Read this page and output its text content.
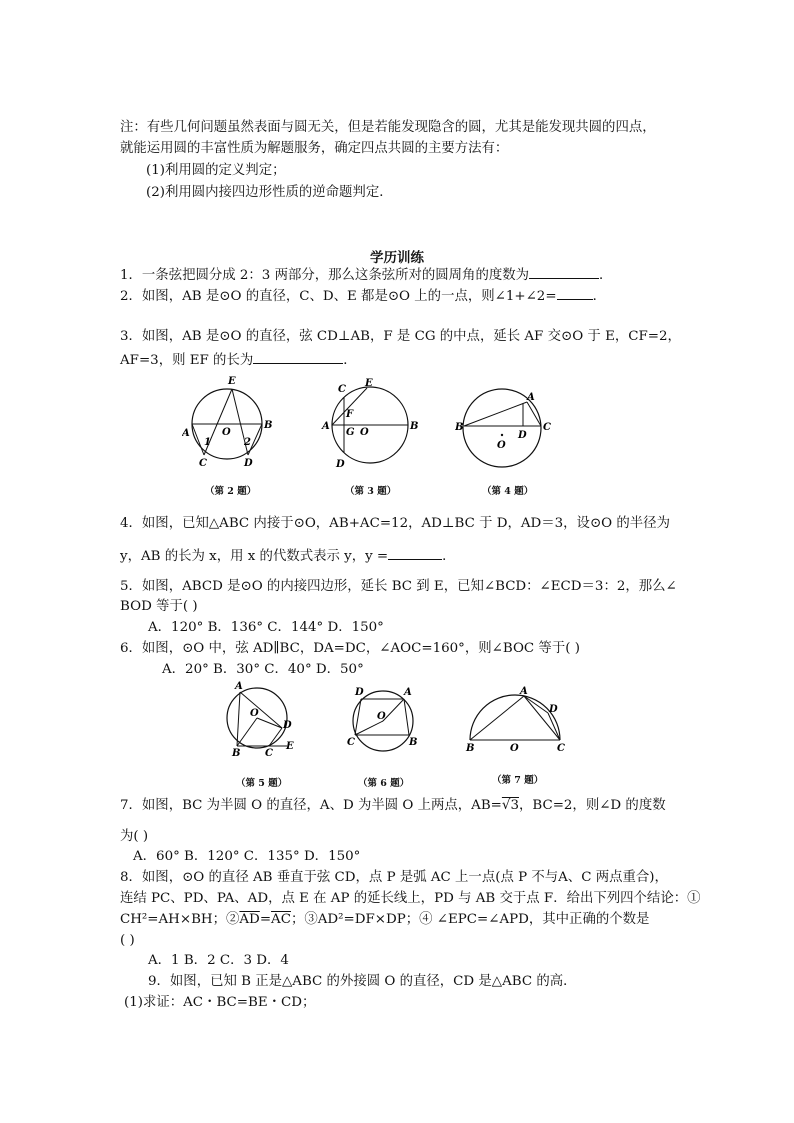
注：有些几何问题虽然表面与圆无关，但是若能发现隐含的圆，尤其是能发现共圆的四点，
就能运用圆的丰富性质为解题服务，确定四点共圆的主要方法有：
(1)利用圆的定义判定；
(2)利用圆内接四边形性质的逆命题判定．
学历训练
1．一条弦把圆分成 2：3 两部分，那么这条弦所对的圆周角的度数为	．
2．如图，AB 是⊙O 的直径，C、D、E 都是⊙O 上的一点，则∠1+∠2=	．
3．如图，AB 是⊙O 的直径，弦 CD⊥AB，F 是 CG 的中点，延长 AF 交⊙O 于 E，CF=2，
AF=3，则 EF 的长为	．
E
A
B
O
1	2
C	D
（第 2 题）
C
E
F
A
G O
B
D
（第 3 题）
A
B
D
C
O
（第 4 题）
4．如图，已知△ABC 内接于⊙O，AB+AC=12，AD⊥BC 于 D，AD＝3，设⊙O 的半径为
y，AB 的长为 x，用 x 的代数式表示 y，y =	．
5．如图，ABCD 是⊙O 的内接四边形，延长 BC 到 E，已知∠BCD：∠ECD＝3：2，那么∠
BOD 等于( )
A．120° B．136° C．144° D．150°
6．如图，⊙O 中，弦 AD∥BC，DA=DC，∠AOC=160°，则∠BOC 等于( )
A．20° B．30° C．40° D．50°
A
O
D
B C
E
（第 5 题）
D	A
O
C	B
（第 6 题）
A
D
B	O	C
（第 7 题）
7．如图，BC 为半圆 O 的直径，A、D 为半圆 O 上两点，AB=√3，BC=2，则∠D 的度数
为( )
A．60° B．120° C．135° D．150°
8．如图，⊙O 的直径 AB 垂直于弦 CD，点 P 是弧 AC 上一点(点 P 不与A、C 两点重合)，
连结 PC、PD、PA、AD，点 E 在 AP 的延长线上，PD 与 AB 交于点 F．给出下列四个结论：①
CH²=AH×BH；$②\overline{AD}=\overline{AC}$；③AD²=DF×DP；④ ∠EPC=∠APD，其中正确的个数是
( )
A．1 B．2 C．3 D．4
9．如图，已知 B 正是△ABC 的外接圆 O 的直径，CD 是△ABC 的高．
(1)求证：AC・BC=BE・CD；
